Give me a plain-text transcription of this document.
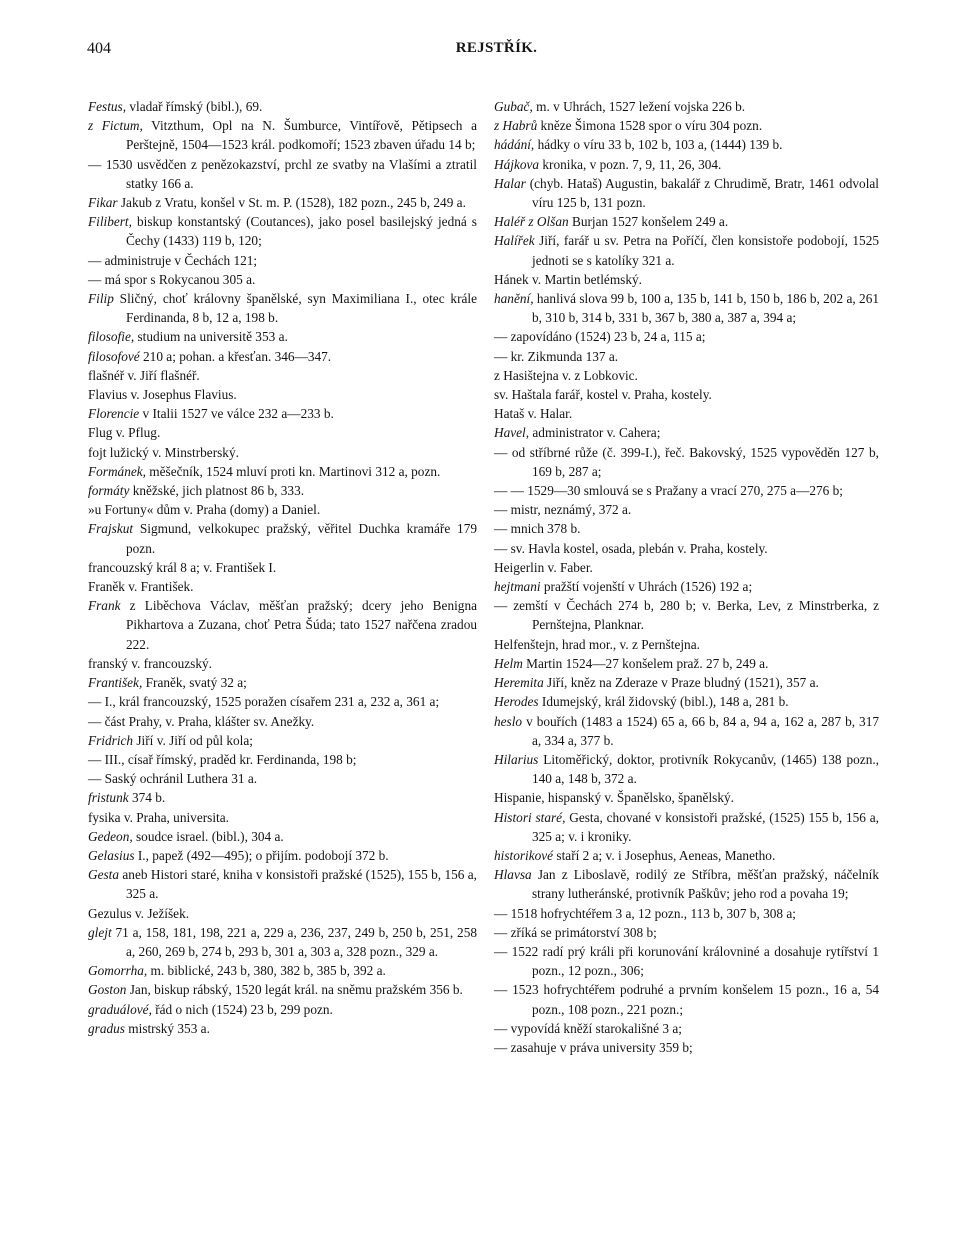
404	REJSTŘÍK.

Festus, vladař římský (bibl.), 69.

z Fictum, Vitzthum, Opl na N. Šumburce, Vintířově, Pětipsech a Perštejně, 1504—1523 král. podkomoří; 1523 zbaven úřadu 14 b;

— 1530 usvědčen z penězokazství, prchl ze svatby na Vlašími a ztratil statky 166 a.

Fikar Jakub z Vratu, konšel v St. m. P. (1528), 182 pozn., 245 b, 249 a.

Filibert, biskup konstantský (Coutances), jako posel basilejský jedná s Čechy (1433) 119 b, 120;

— administruje v Čechách 121;

— má spor s Rokycanou 305 a.

Filip Sličný, choť královny španělské, syn Maximiliana I., otec krále Ferdinanda, 8 b, 12 a, 198 b.

filosofie, studium na universitě 353 a.

filosofové 210 a; pohan. a křesťan. 346—347.

flašnéř v. Jiří flašnéř.

Flavius v. Josephus Flavius.

Florencie v Italii 1527 ve válce 232 a—233 b.

Flug v. Pflug.

fojt lužický v. Minstrberský.

Formánek, měšečník, 1524 mluví proti kn. Martinovi 312 a, pozn.

formáty kněžské, jich platnost 86 b, 333.

»u Fortuny« dům v. Praha (domy) a Daniel.

Frajskut Sigmund, velkokupec pražský, věřitel Duchka kramáře 179 pozn.

francouzský král 8 a; v. František I.

Franěk v. František.

Frank z Liběchova Václav, měšťan pražský; dcery jeho Benigna Pikhartova a Zuzana, choť Petra Šúda; tato 1527 nařčena zradou 222.

franský v. francouzský.

František, Franěk, svatý 32 a;

— I., král francouzský, 1525 poražen císařem 231 a, 232 a, 361 a;

— část Prahy, v. Praha, klášter sv. Anežky.

Fridrich Jiří v. Jiří od půl kola;

— III., císař římský, praděd kr. Ferdinanda, 198 b;

— Saský ochránil Luthera 31 a.

fristunk 374 b.

fysika v. Praha, universita.

Gedeon, soudce israel. (bibl.), 304 a.

Gelasius I., papež (492—495); o přijím. podobojí 372 b.

Gesta aneb Histori staré, kniha v konsistoři pražské (1525), 155 b, 156 a, 325 a.

Gezulus v. Ježíšek.

glejt 71 a, 158, 181, 198, 221 a, 229 a, 236, 237, 249 b, 250 b, 251, 258 a, 260, 269 b, 274 b, 293 b, 301 a, 303 a, 328 pozn., 329 a.

Gomorrha, m. biblické, 243 b, 380, 382 b, 385 b, 392 a.

Goston Jan, biskup rábský, 1520 legát král. na sněmu pražském 356 b.

graduálové, řád o nich (1524) 23 b, 299 pozn.

gradus mistrský 353 a.

Gubač, m. v Uhrách, 1527 ležení vojska 226 b.

z Habrů kněze Šimona 1528 spor o víru 304 pozn.

hádání, hádky o víru 33 b, 102 b, 103 a, (1444) 139 b.

Hájkova kronika, v pozn. 7, 9, 11, 26, 304.

Halar (chyb. Hataš) Augustin, bakalář z Chrudimě, Bratr, 1461 odvolal víru 125 b, 131 pozn.

Haléř z Olšan Burjan 1527 konšelem 249 a.

Halířek Jiří, farář u sv. Petra na Poříčí, člen konsistoře podobojí, 1525 jednoti se s katolíky 321 a.

Hánek v. Martin betlémský.

hanění, hanlivá slova 99 b, 100 a, 135 b, 141 b, 150 b, 186 b, 202 a, 261 b, 310 b, 314 b, 331 b, 367 b, 380 a, 387 a, 394 a;

— zapovídáno (1524) 23 b, 24 a, 115 a;

— kr. Zikmunda 137 a.

z Hasištejna v. z Lobkovic.

sv. Haštala farář, kostel v. Praha, kostely.

Hataš v. Halar.

Havel, administrator v. Cahera;

— od stříbrné růže (č. 399-I.), řeč. Bakovský, 1525 vypověděn 127 b, 169 b, 287 a;

— — 1529—30 smlouvá se s Pražany a vrací 270, 275 a—276 b;

— mistr, neznámý, 372 a.

— mnich 378 b.

— sv. Havla kostel, osada, plebán v. Praha, kostely.

Heigerlin v. Faber.

hejtmani pražští vojenští v Uhrách (1526) 192 a;

— zemští v Čechách 274 b, 280 b; v. Berka, Lev, z Minstrberka, z Pernštejna, Planknar.

Helfenštejn, hrad mor., v. z Pernštejna.

Helm Martin 1524—27 konšelem praž. 27 b, 249 a.

Heremita Jiří, kněz na Zderaze v Praze bludný (1521), 357 a.

Herodes Idumejský, král židovský (bibl.), 148 a, 281 b.

heslo v bouřích (1483 a 1524) 65 a, 66 b, 84 a, 94 a, 162 a, 287 b, 317 a, 334 a, 377 b.

Hilarius Litoměřický, doktor, protivník Rokycanův, (1465) 138 pozn., 140 a, 148 b, 372 a.

Hispanie, hispanský v. Španělsko, španělský.

Histori staré, Gesta, chované v konsistoři pražské, (1525) 155 b, 156 a, 325 a; v. i kroniky.

historikové staří 2 a; v. i Josephus, Aeneas, Manetho.

Hlavsa Jan z Liboslavě, rodilý ze Stříbra, měšťan pražský, náčelník strany lutheránské, protivník Paškův; jeho rod a povaha 19;

— 1518 hofrychtéřem 3 a, 12 pozn., 113 b, 307 b, 308 a;

— zříká se primátorství 308 b;

— 1522 radí prý králi při korunování královniné a dosahuje rytířství 1 pozn., 12 pozn., 306;

— 1523 hofrychtéřem podruhé a prvním konšelem 15 pozn., 16 a, 54 pozn., 108 pozn., 221 pozn.;

— vypovídá kněží starokališné 3 a;

— zasahuje v práva university 359 b;
